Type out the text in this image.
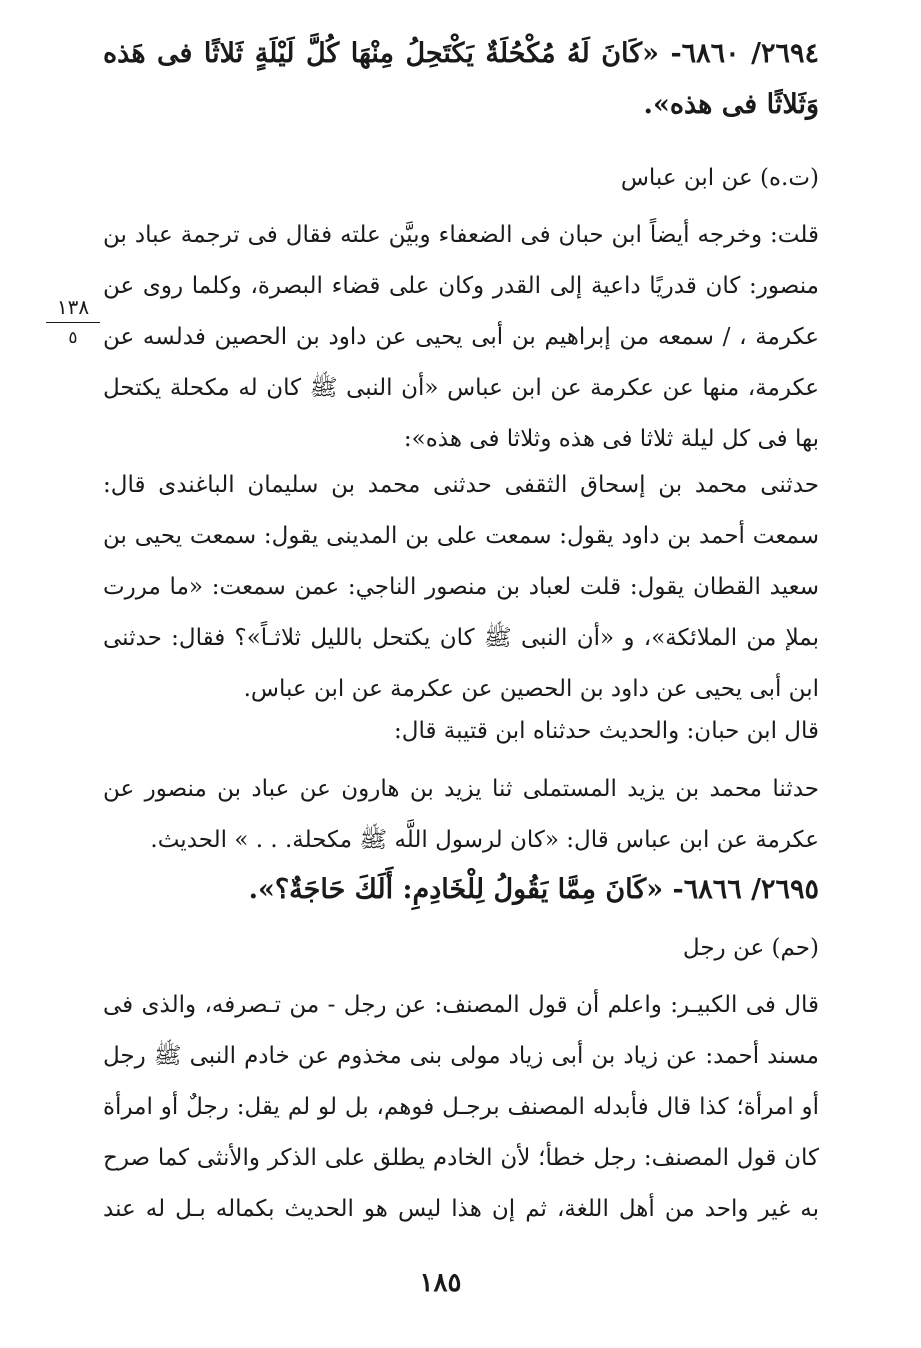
٢٦٩٤/ ٦٨٦٠- «كَانَ لَهُ مُكْحُلَةٌ يَكْتَحِلُ مِنْهَا كُلَّ لَيْلَةٍ ثَلاثًا فى هَذه
وَثَلاثًا فى هذه».
(ت.ه) عن ابن عباس
قلت: وخرجه أيضاً ابن حبان فى الضعفاء وبيَّن علته فقال فى ترجمة عباد بن
منصور: كان قدريًا داعية إلى القدر وكان على قضاء البصرة، وكلما روى عن
عكرمة ، / سمعه من إبراهيم بن أبى يحيى عن داود بن الحصين فدلسه عن
عكرمة، منها عن عكرمة عن ابن عباس «أن النبى ﷺ كان له مكحلة يكتحل
بها فى كل ليلة ثلاثا فى هذه وثلاثا فى هذه»:
١٣٨
٥
حدثنى محمد بن إسحاق الثقفى حدثنى محمد بن سليمان الباغندى قال:
سمعت أحمد بن داود يقول: سمعت على بن المدينى يقول: سمعت يحيى بن
سعيد القطان يقول: قلت لعباد بن منصور الناجي: عمن سمعت: «ما مررت
بملإ من الملائكة»، و «أن النبى ﷺ كان يكتحل بالليل ثلاثـاً»؟ فقال: حدثنى
ابن أبى يحيى عن داود بن الحصين عن عكرمة عن ابن عباس.
قال ابن حبان: والحديث حدثناه ابن قتيبة قال:
حدثنا محمد بن يزيد المستملى ثنا يزيد بن هارون عن عباد بن منصور عن
عكرمة عن ابن عباس قال: «كان لرسول اللَّه ﷺ مكحلة. . . » الحديث.
٢٦٩٥/ ٦٨٦٦- «كَانَ مِمَّا يَقُولُ لِلْخَادِمِ: أَلَكَ حَاجَةٌ؟».
(حم) عن رجل
قال فى الكبيـر: واعلم أن قول المصنف: عن رجل - من تـصرفه، والذى فى
مسند أحمد: عن زياد بن أبى زياد مولى بنى مخذوم عن خادم النبى ﷺ رجل
أو امرأة؛ كذا قال فأبدله المصنف برجـل فوهم، بل لو لم يقل: رجلٌ أو امرأة
كان قول المصنف: رجل خطأ؛ لأن الخادم يطلق على الذكر والأنثى كما صرح
به غير واحد من أهل اللغة، ثم إن هذا ليس هو الحديث بكماله بـل له عند
١٨٥
